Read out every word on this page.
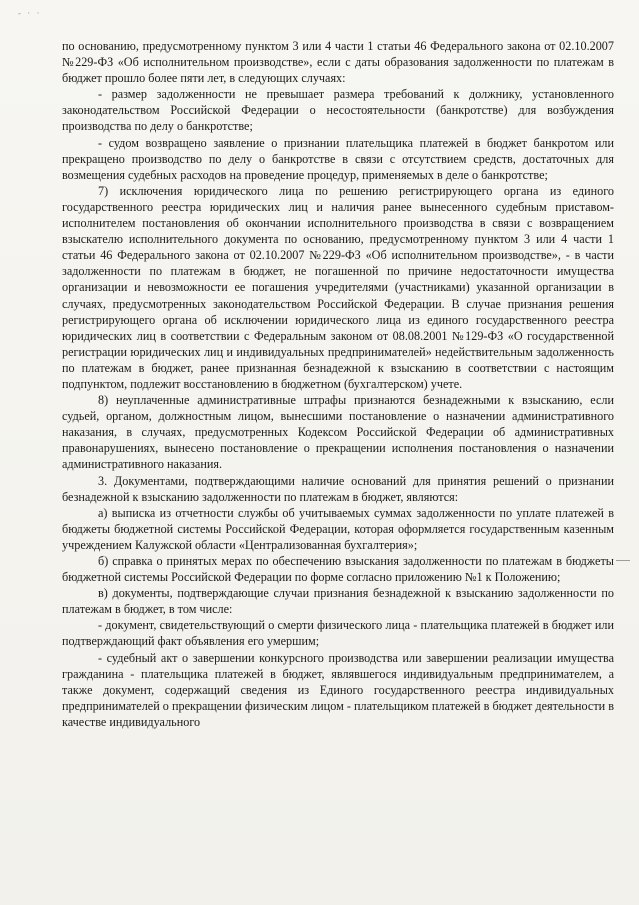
- · ·

по основанию, предусмотренному пунктом 3 или 4 части 1 статьи 46 Федерального закона от 02.10.2007 №229-ФЗ «Об исполнительном производстве», если с даты образования задолженности по платежам в бюджет прошло более пяти лет, в следующих случаях:

- размер задолженности не превышает размера требований к должнику, установленного законодательством Российской Федерации о несостоятельности (банкротстве) для возбуждения производства по делу о банкротстве;

- судом возвращено заявление о признании плательщика платежей в бюджет банкротом или прекращено производство по делу о банкротстве в связи с отсутствием средств, достаточных для возмещения судебных расходов на проведение процедур, применяемых в деле о банкротстве;

7) исключения юридического лица по решению регистрирующего органа из единого государственного реестра юридических лиц и наличия ранее вынесенного судебным приставом-исполнителем постановления об окончании исполнительного производства в связи с возвращением взыскателю исполнительного документа по основанию, предусмотренному пунктом 3 или 4 части 1 статьи 46 Федерального закона от 02.10.2007 №229-ФЗ «Об исполнительном производстве», - в части задолженности по платежам в бюджет, не погашенной по причине недостаточности имущества организации и невозможности ее погашения учредителями (участниками) указанной организации в случаях, предусмотренных законодательством Российской Федерации. В случае признания решения регистрирующего органа об исключении юридического лица из единого государственного реестра юридических лиц в соответствии с Федеральным законом от 08.08.2001 №129-ФЗ «О государственной регистрации юридических лиц и индивидуальных предпринимателей» недействительным задолженность по платежам в бюджет, ранее признанная безнадежной к взысканию в соответствии с настоящим подпунктом, подлежит восстановлению в бюджетном (бухгалтерском) учете.

8) неуплаченные административные штрафы признаются безнадежными к взысканию, если судьей, органом, должностным лицом, вынесшими постановление о назначении административного наказания, в случаях, предусмотренных Кодексом Российской Федерации об административных правонарушениях, вынесено постановление о прекращении исполнения постановления о назначении административного наказания.

3. Документами, подтверждающими наличие оснований для принятия решений о признании безнадежной к взысканию задолженности по платежам в бюджет, являются:

а) выписка из отчетности службы об учитываемых суммах задолженности по уплате платежей в бюджеты бюджетной системы Российской Федерации, которая оформляется государственным казенным учреждением Калужской области «Централизованная бухгалтерия»;

б) справка о принятых мерах по обеспечению взыскания задолженности по платежам в бюджеты бюджетной системы Российской Федерации по форме согласно приложению №1 к Положению;

в) документы, подтверждающие случаи признания безнадежной к взысканию задолженности по платежам в бюджет, в том числе:

- документ, свидетельствующий о смерти физического лица - плательщика платежей в бюджет или подтверждающий факт объявления его умершим;

- судебный акт о завершении конкурсного производства или завершении реализации имущества гражданина - плательщика платежей в бюджет, являвшегося индивидуальным предпринимателем, а также документ, содержащий сведения из Единого государственного реестра индивидуальных предпринимателей о прекращении физическим лицом - плательщиком платежей в бюджет деятельности в качестве индивидуального
